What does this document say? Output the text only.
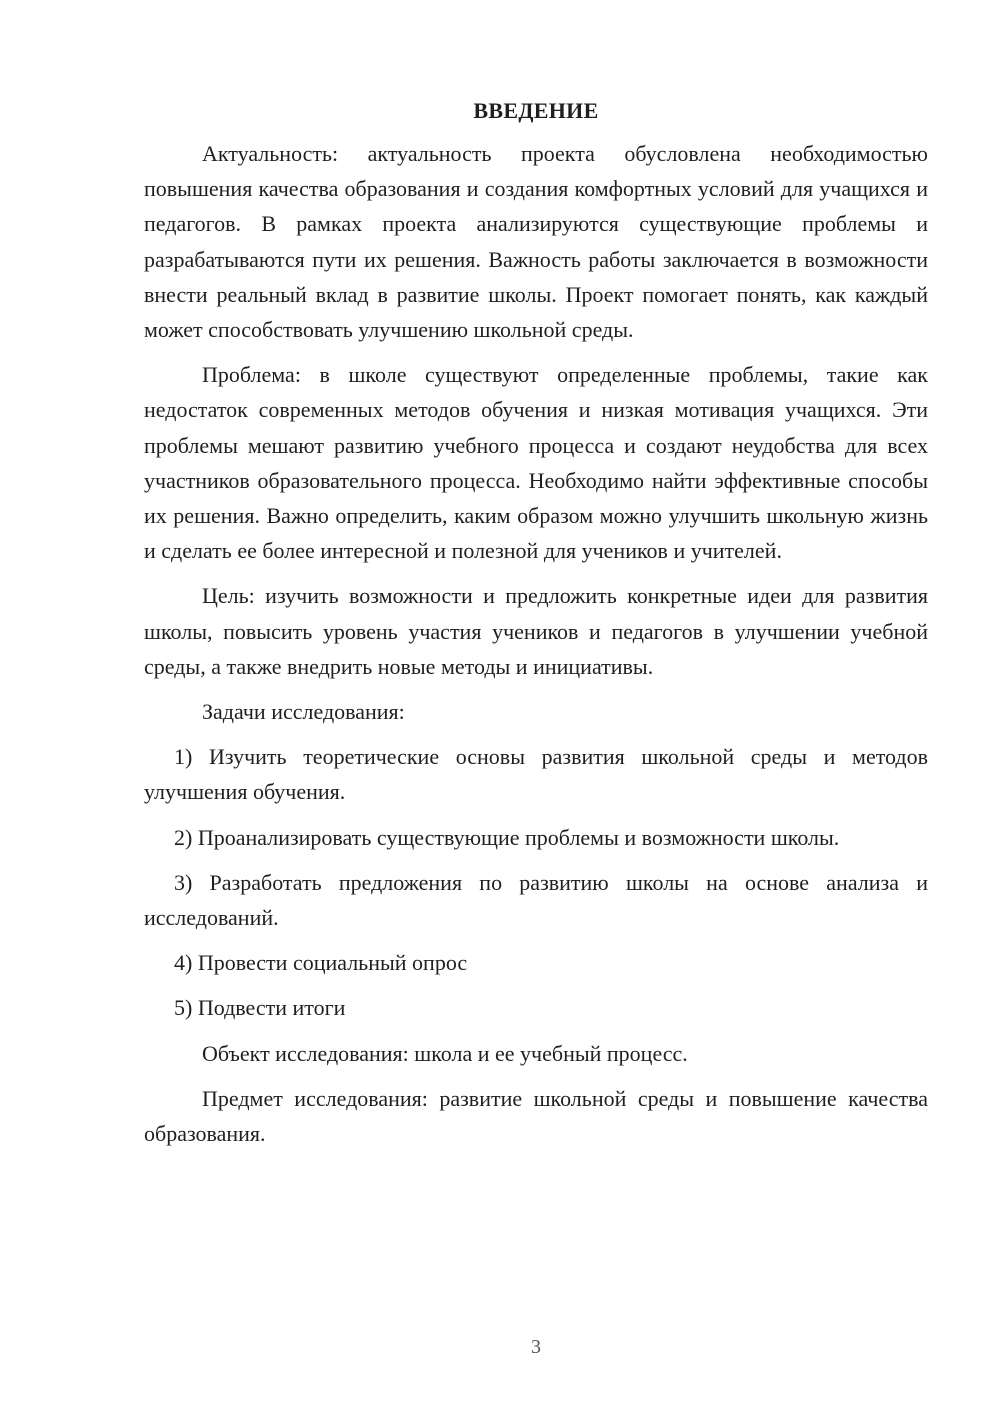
ВВЕДЕНИЕ

Актуальность: актуальность проекта обусловлена необходимостью повышения качества образования и создания комфортных условий для учащихся и педагогов. В рамках проекта анализируются существующие проблемы и разрабатываются пути их решения. Важность работы заключается в возможности внести реальный вклад в развитие школы. Проект помогает понять, как каждый может способствовать улучшению школьной среды.

Проблема: в школе существуют определенные проблемы, такие как недостаток современных методов обучения и низкая мотивация учащихся. Эти проблемы мешают развитию учебного процесса и создают неудобства для всех участников образовательного процесса. Необходимо найти эффективные способы их решения. Важно определить, каким образом можно улучшить школьную жизнь и сделать ее более интересной и полезной для учеников и учителей.

Цель: изучить возможности и предложить конкретные идеи для развития школы, повысить уровень участия учеников и педагогов в улучшении учебной среды, а также внедрить новые методы и инициативы.

Задачи исследования:

1) Изучить теоретические основы развития школьной среды и методов улучшения обучения.

2) Проанализировать существующие проблемы и возможности школы.

3) Разработать предложения по развитию школы на основе анализа и исследований.

4) Провести социальный опрос

5) Подвести итоги

Объект исследования: школа и ее учебный процесс.

Предмет исследования: развитие школьной среды и повышение качества образования.

3
